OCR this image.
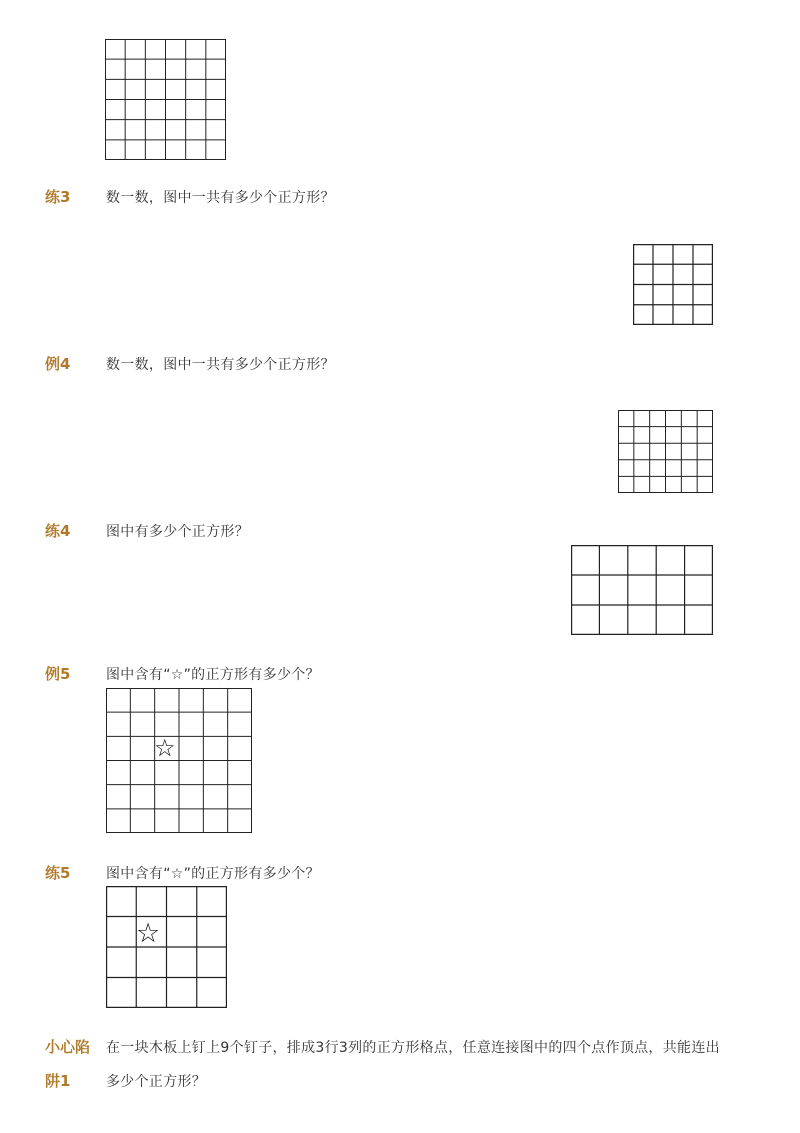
练3	数一数，图中一共有多少个正方形？
例4	数一数，图中一共有多少个正方形？
练4	图中有多少个正方形？
例5	图中含有“☆”的正方形有多少个？
☆
练5	图中含有“☆”的正方形有多少个？
☆
小心陷
阱1
在一块木板上钉上9个钉子，排成3行3列的正方形格点，任意连接图中的四个点作顶点，共能连出
多少个正方形？
